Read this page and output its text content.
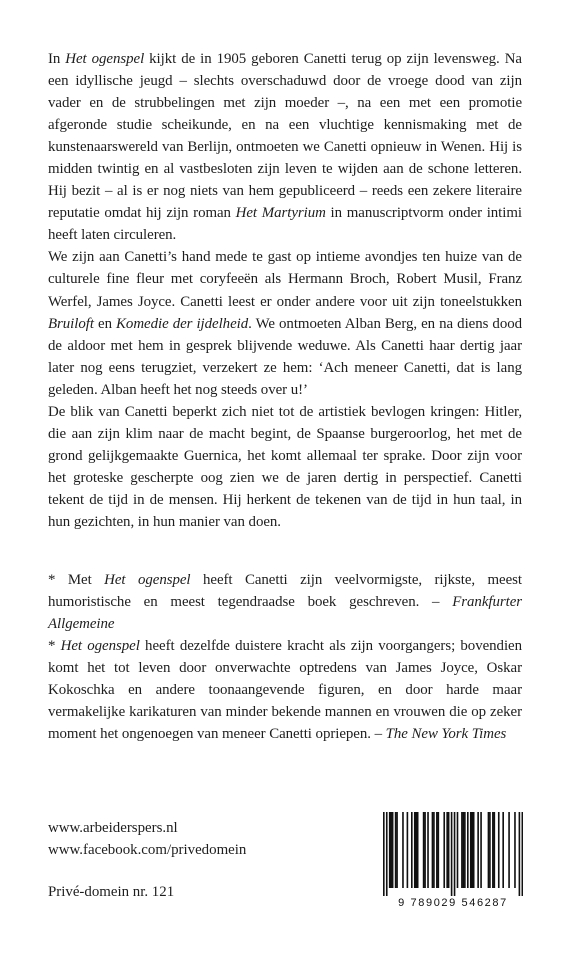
In Het ogenspel kijkt de in 1905 geboren Canetti terug op zijn levensweg. Na een idyllische jeugd – slechts overschaduwd door de vroege dood van zijn vader en de strubbelingen met zijn moeder –, na een met een promotie afgeronde studie scheikunde, en na een vluchtige kennismaking met de kunstenaarswereld van Berlijn, ontmoeten we Canetti opnieuw in Wenen. Hij is midden twintig en al vastbesloten zijn leven te wijden aan de schone letteren. Hij bezit – al is er nog niets van hem gepubliceerd – reeds een zekere literaire reputatie omdat hij zijn roman Het Martyrium in manuscriptvorm onder intimi heeft laten circuleren.

We zijn aan Canetti’s hand mede te gast op intieme avondjes ten huize van de culturele fine fleur met coryfeeën als Hermann Broch, Robert Musil, Franz Werfel, James Joyce. Canetti leest er onder andere voor uit zijn toneelstukken Bruiloft en Komedie der ijdelheid. We ontmoeten Alban Berg, en na diens dood de aldoor met hem in gesprek blijvende weduwe. Als Canetti haar dertig jaar later nog eens terugziet, verzekert ze hem: ‘Ach meneer Canetti, dat is lang geleden. Alban heeft het nog steeds over u!’

De blik van Canetti beperkt zich niet tot de artistiek bevlogen kringen: Hitler, die aan zijn klim naar de macht begint, de Spaanse burgeroorlog, het met de grond gelijkgemaakte Guernica, het komt allemaal ter sprake. Door zijn voor het groteske gescherpte oog zien we de jaren dertig in perspectief. Canetti tekent de tijd in de mensen. Hij herkent de tekenen van de tijd in hun taal, in hun gezichten, in hun manier van doen.

* Met Het ogenspel heeft Canetti zijn veelvormigste, rijkste, meest humoristische en meest tegendraadse boek geschreven. – Frankfurter Allgemeine

* Het ogenspel heeft dezelfde duistere kracht als zijn voorgangers; bovendien komt het tot leven door onverwachte optredens van James Joyce, Oskar Kokoschka en andere toonaangevende figuren, en door harde maar vermakelijke karikaturen van minder bekende mannen en vrouwen die op zeker moment het ongenoegen van meneer Canetti opriepen. – The New York Times

www.arbeiderspers.nl
www.facebook.com/privedomein
Privé-domein nr. 121
9 789029 546287
